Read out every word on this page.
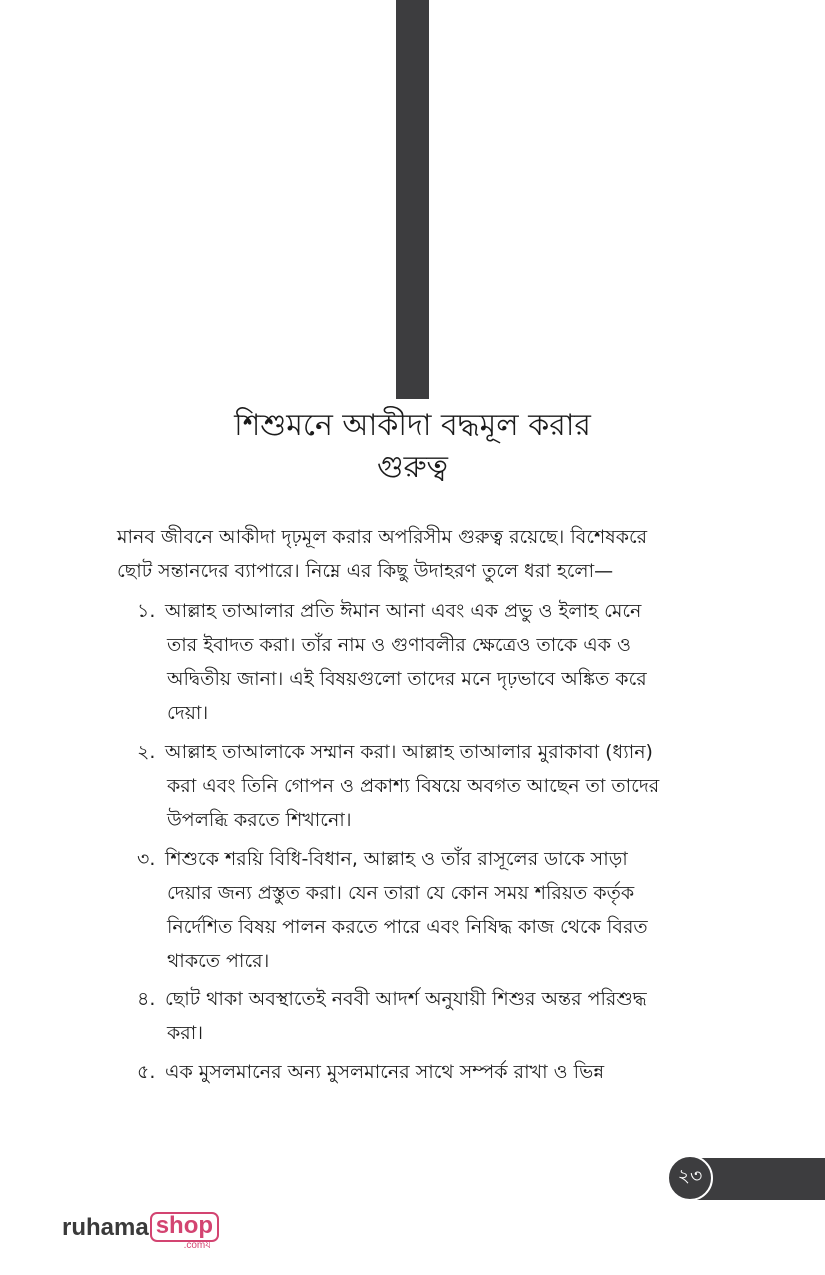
শিশুমনে আকীদা বদ্ধমূল করার
গুরুত্ব
মানব জীবনে আকীদা দৃঢ়মূল করার অপরিসীম গুরুত্ব রয়েছে। বিশেষকরে
ছোট সন্তানদের ব্যাপারে। নিম্নে এর কিছু উদাহরণ তুলে ধরা হলো—
১. আল্লাহ তাআলার প্রতি ঈমান আনা এবং এক প্রভু ও ইলাহ মেনে
তার ইবাদত করা। তাঁর নাম ও গুণাবলীর ক্ষেত্রেও তাকে এক ও
অদ্বিতীয় জানা। এই বিষয়গুলো তাদের মনে দৃঢ়ভাবে অঙ্কিত করে
দেয়া।
২. আল্লাহ তাআলাকে সম্মান করা। আল্লাহ তাআলার মুরাকাবা (ধ্যান)
করা এবং তিনি গোপন ও প্রকাশ্য বিষয়ে অবগত আছেন তা তাদের
উপলব্ধি করতে শিখানো।
৩. শিশুকে শরয়ি বিধি-বিধান, আল্লাহ ও তাঁর রাসূলের ডাকে সাড়া
দেয়ার জন্য প্রস্তুত করা। যেন তারা যে কোন সময় শরিয়ত কর্তৃক
নির্দেশিত বিষয় পালন করতে পারে এবং নিষিদ্ধ কাজ থেকে বিরত
থাকতে পারে।
৪. ছোট থাকা অবস্থাতেই নববী আদর্শ অনুযায়ী শিশুর অন্তর পরিশুদ্ধ
করা।
৫. এক মুসলমানের অন্য মুসলমানের সাথে সম্পর্ক রাখা ও ভিন্ন
২৩
ruhama shop
.comয
